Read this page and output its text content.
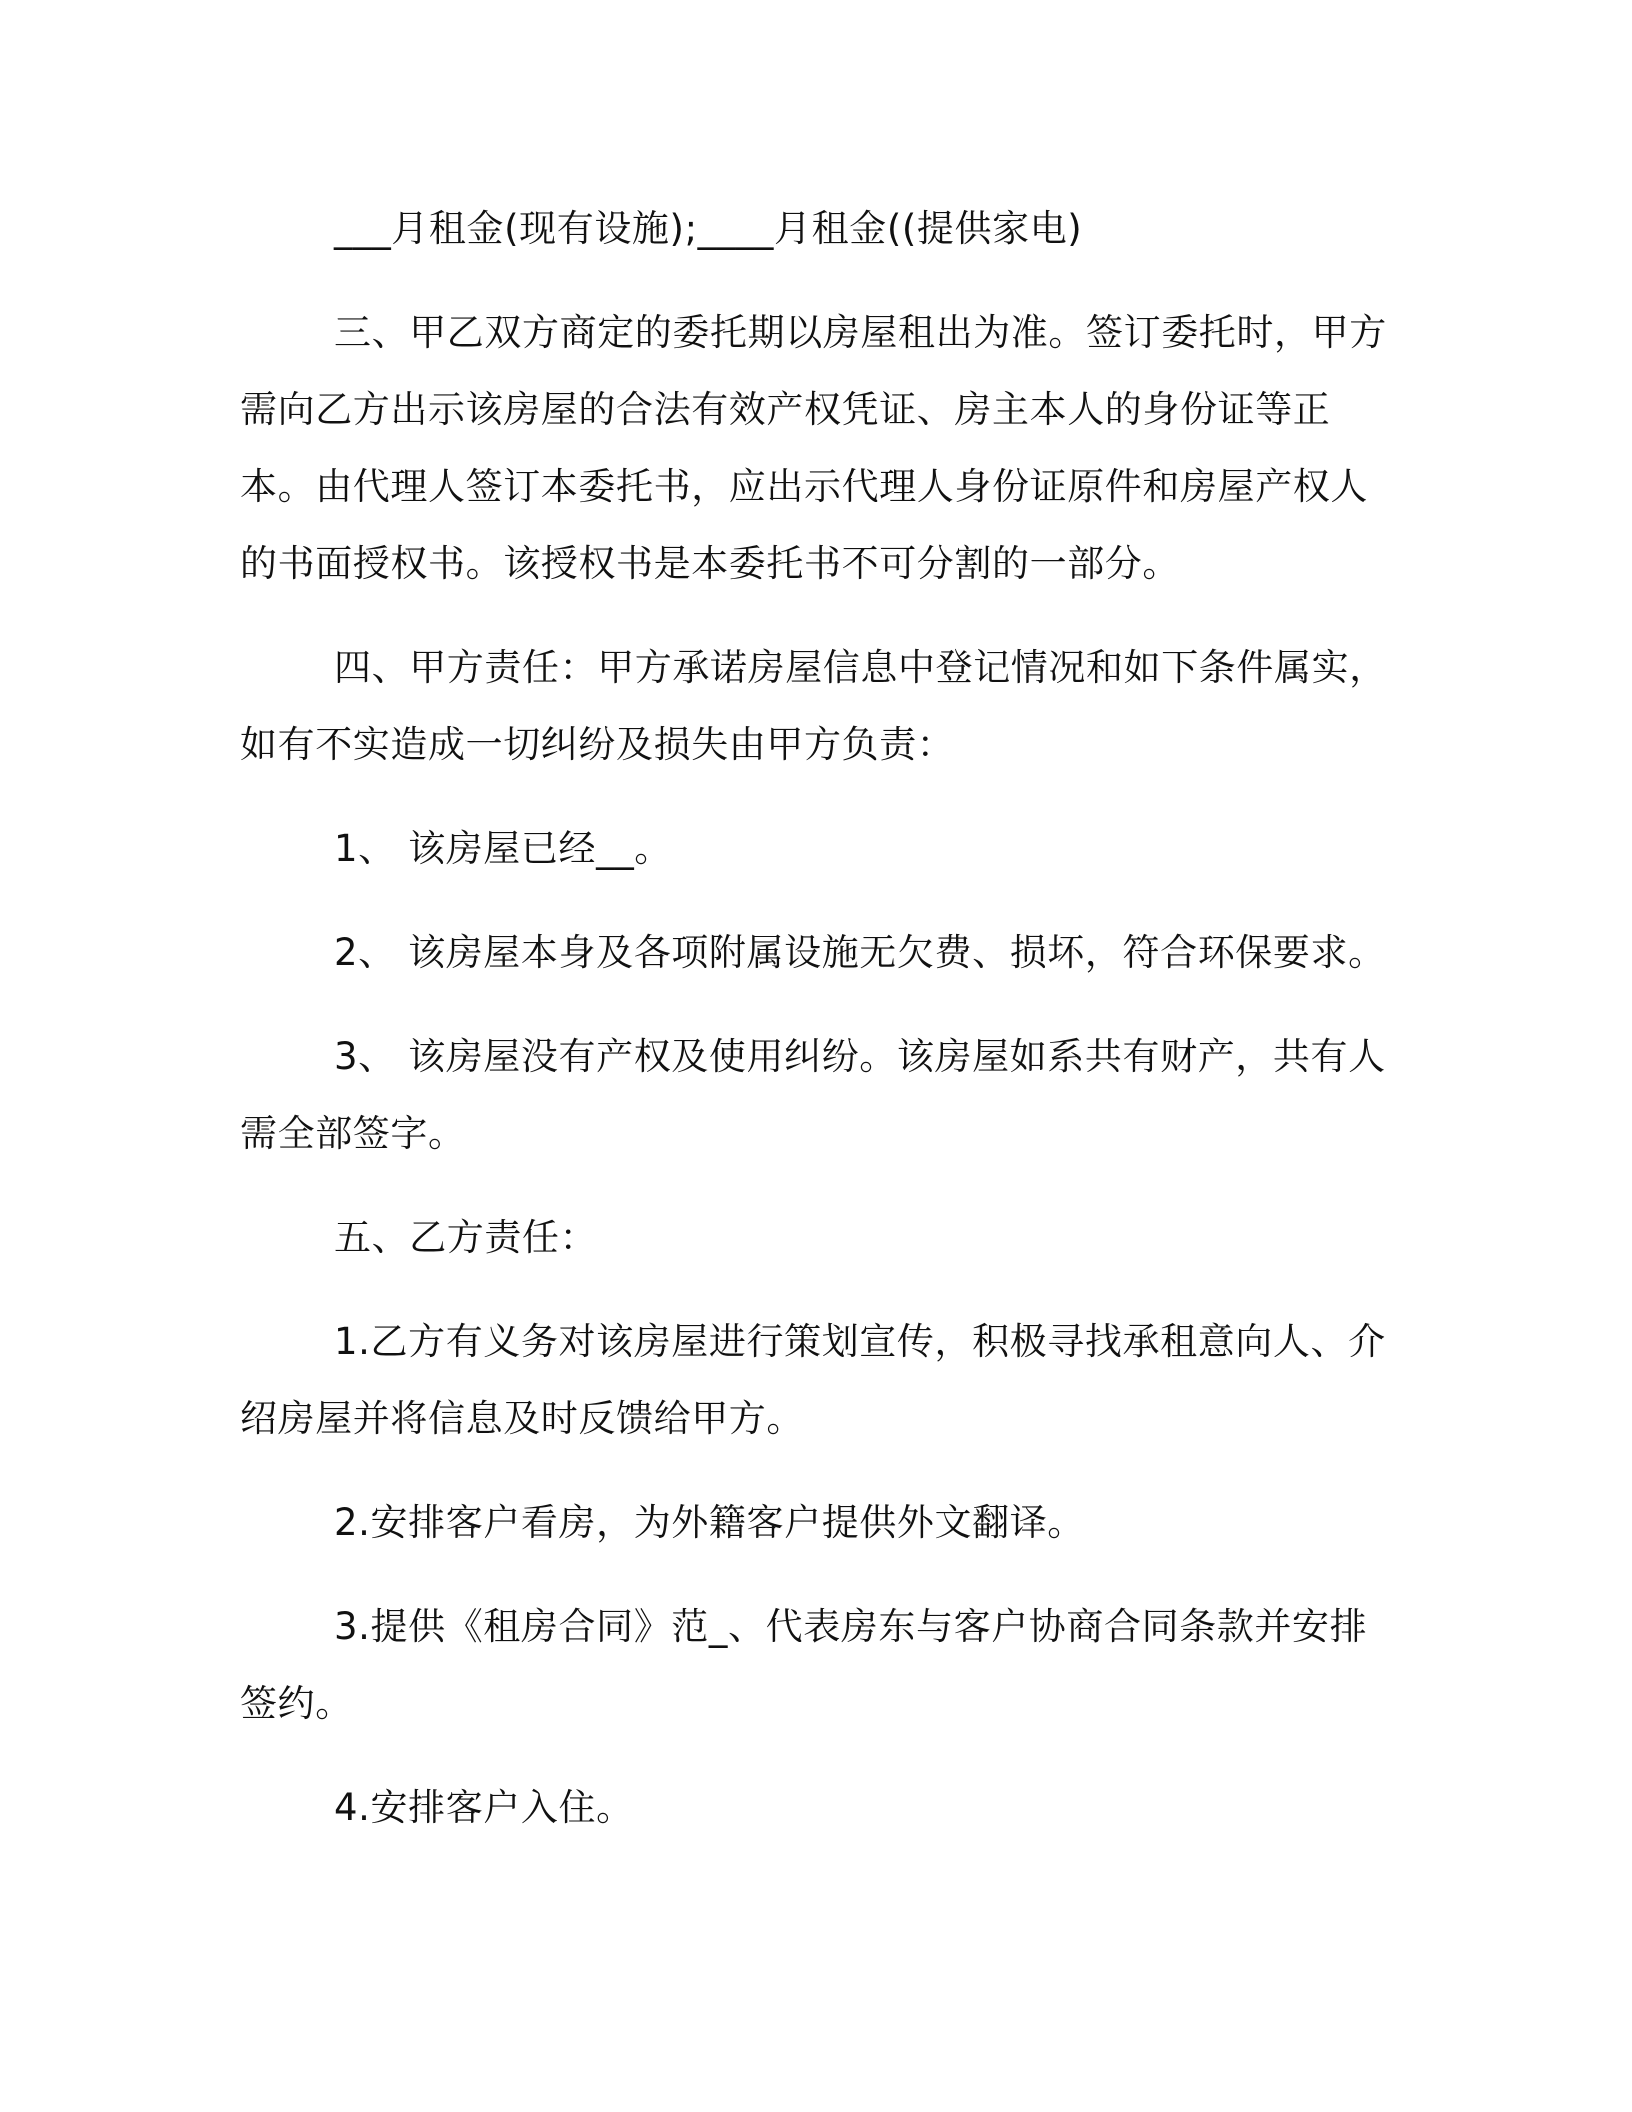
___月租金(现有设施);____月租金((提供家电)

三、甲乙双方商定的委托期以房屋租出为准。签订委托时，甲方需向乙方出示该房屋的合法有效产权凭证、房主本人的身份证等正本。由代理人签订本委托书，应出示代理人身份证原件和房屋产权人的书面授权书。该授权书是本委托书不可分割的一部分。

四、甲方责任：甲方承诺房屋信息中登记情况和如下条件属实，如有不实造成一切纠纷及损失由甲方负责：

1、 该房屋已经__。

2、 该房屋本身及各项附属设施无欠费、损坏，符合环保要求。

3、 该房屋没有产权及使用纠纷。该房屋如系共有财产，共有人需全部签字。

五、乙方责任：

1.乙方有义务对该房屋进行策划宣传，积极寻找承租意向人、介绍房屋并将信息及时反馈给甲方。

2.安排客户看房，为外籍客户提供外文翻译。

3.提供《租房合同》范_、代表房东与客户协商合同条款并安排签约。

4.安排客户入住。
